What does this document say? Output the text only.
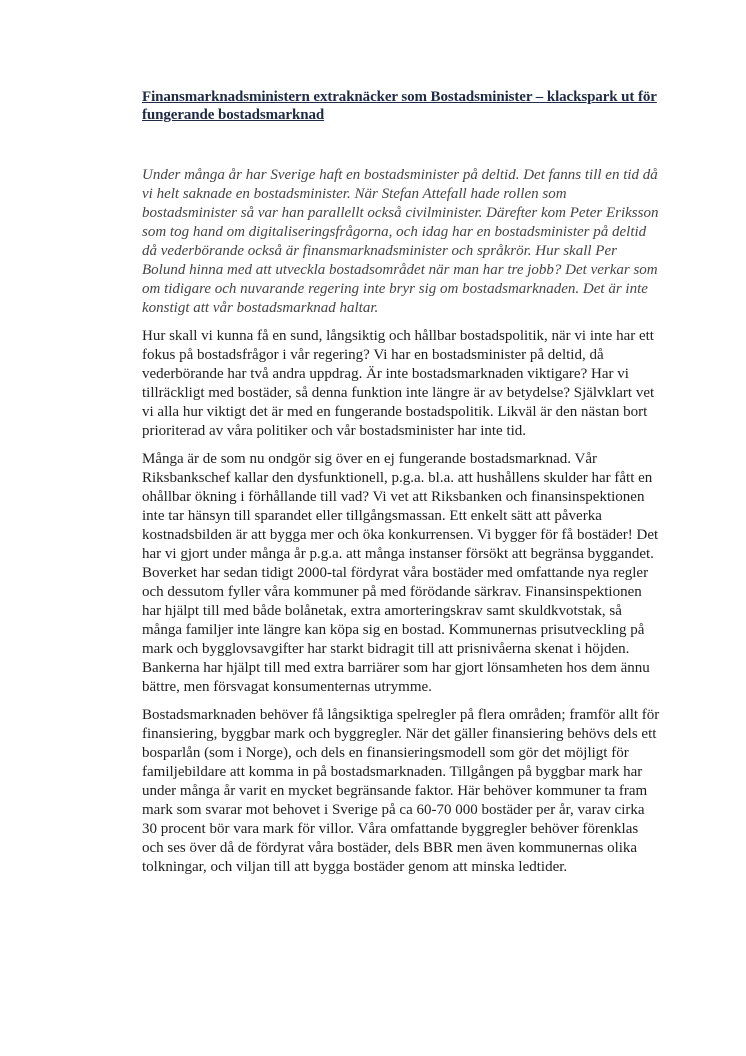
Finansmarknadsministern extraknäcker som Bostadsminister – klackspark ut för fungerande bostadsmarknad

Under många år har Sverige haft en bostadsminister på deltid. Det fanns till en tid då vi helt saknade en bostadsminister. När Stefan Attefall hade rollen som bostadsminister så var han parallellt också civilminister. Därefter kom Peter Eriksson som tog hand om digitaliseringsfrågorna, och idag har en bostadsminister på deltid då vederbörande också är finansmarknadsminister och språkrör. Hur skall Per Bolund hinna med att utveckla bostadsområdet när man har tre jobb? Det verkar som om tidigare och nuvarande regering inte bryr sig om bostadsmarknaden. Det är inte konstigt att vår bostadsmarknad haltar.

Hur skall vi kunna få en sund, långsiktig och hållbar bostadspolitik, när vi inte har ett fokus på bostadsfrågor i vår regering? Vi har en bostadsminister på deltid, då vederbörande har två andra uppdrag. Är inte bostadsmarknaden viktigare? Har vi tillräckligt med bostäder, så denna funktion inte längre är av betydelse? Självklart vet vi alla hur viktigt det är med en fungerande bostadspolitik. Likväl är den nästan bort prioriterad av våra politiker och vår bostadsminister har inte tid.

Många är de som nu ondgör sig över en ej fungerande bostadsmarknad. Vår Riksbankschef kallar den dysfunktionell, p.g.a. bl.a. att hushållens skulder har fått en ohållbar ökning i förhållande till vad? Vi vet att Riksbanken och finansinspektionen inte tar hänsyn till sparandet eller tillgångsmassan. Ett enkelt sätt att påverka kostnadsbilden är att bygga mer och öka konkurrensen. Vi bygger för få bostäder! Det har vi gjort under många år p.g.a. att många instanser försökt att begränsa byggandet. Boverket har sedan tidigt 2000-tal fördyrat våra bostäder med omfattande nya regler och dessutom fyller våra kommuner på med förödande särkrav. Finansinspektionen har hjälpt till med både bolånetak, extra amorteringskrav samt skuldkvotstak, så många familjer inte längre kan köpa sig en bostad. Kommunernas prisutveckling på mark och bygglovsavgifter har starkt bidragit till att prisnivåerna skenat i höjden. Bankerna har hjälpt till med extra barriärer som har gjort lönsamheten hos dem ännu bättre, men försvagat konsumenternas utrymme.

Bostadsmarknaden behöver få långsiktiga spelregler på flera områden; framför allt för finansiering, byggbar mark och byggregler. När det gäller finansiering behövs dels ett bosparlån (som i Norge), och dels en finansieringsmodell som gör det möjligt för familjebildare att komma in på bostadsmarknaden. Tillgången på byggbar mark har under många år varit en mycket begränsande faktor. Här behöver kommuner ta fram mark som svarar mot behovet i Sverige på ca 60-70 000 bostäder per år, varav cirka 30 procent bör vara mark för villor. Våra omfattande byggregler behöver förenklas och ses över då de fördyrat våra bostäder, dels BBR men även kommunernas olika tolkningar, och viljan till att bygga bostäder genom att minska ledtider.
